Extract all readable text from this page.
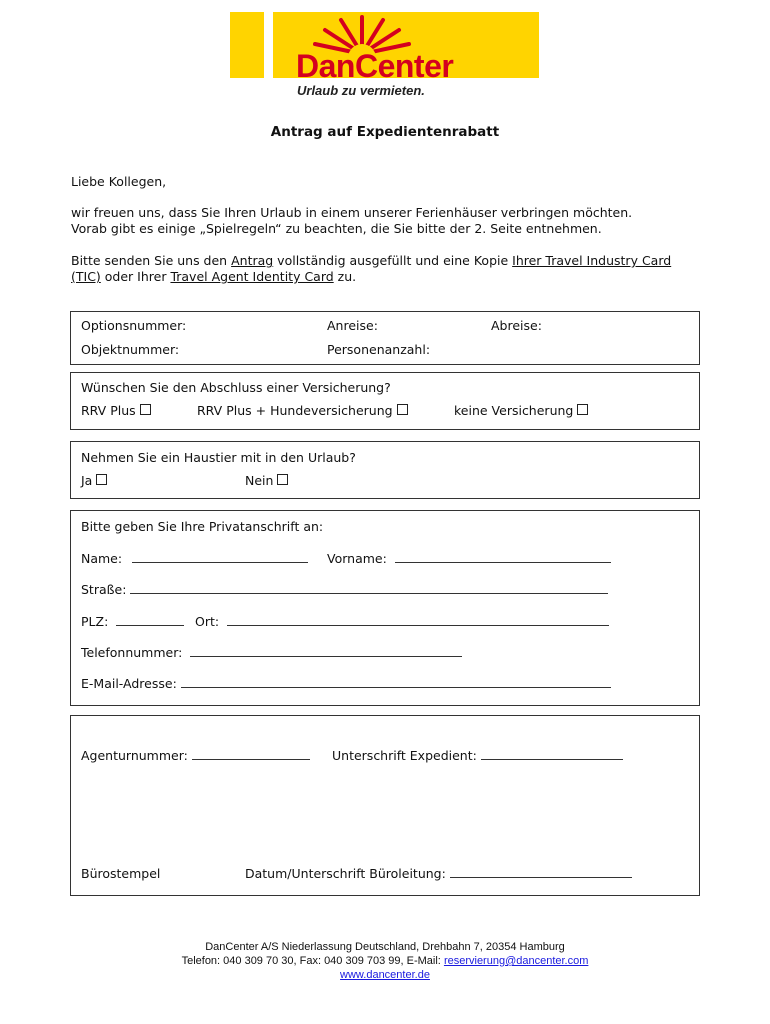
DanCenter
Urlaub zu vermieten.
Antrag auf Expedientenrabatt
Liebe Kollegen,
wir freuen uns, dass Sie Ihren Urlaub in einem unserer Ferienhäuser verbringen möchten.
Vorab gibt es einige „Spielregeln“ zu beachten, die Sie bitte der 2. Seite entnehmen.
Bitte senden Sie uns den Antrag vollständig ausgefüllt und eine Kopie Ihrer Travel Industry Card
(TIC) oder Ihrer Travel Agent Identity Card zu.
Optionsnummer:	Anreise:	Abreise:
Objektnummer:	Personenanzahl:
Wünschen Sie den Abschluss einer Versicherung?
RRV Plus	RRV Plus + Hundeversicherung	keine Versicherung
Nehmen Sie ein Haustier mit in den Urlaub?
Ja	Nein
Bitte geben Sie Ihre Privatanschrift an:
Name:	Vorname:
Straße:
PLZ:	Ort:
Telefonnummer:
E-Mail-Adresse:
Agenturnummer:	Unterschrift Expedient:
Bürostempel	Datum/Unterschrift Büroleitung:
DanCenter A/S Niederlassung Deutschland, Drehbahn 7, 20354 Hamburg
Telefon: 040 309 70 30, Fax: 040 309 703 99, E-Mail: reservierung@dancenter.com
www.dancenter.de
